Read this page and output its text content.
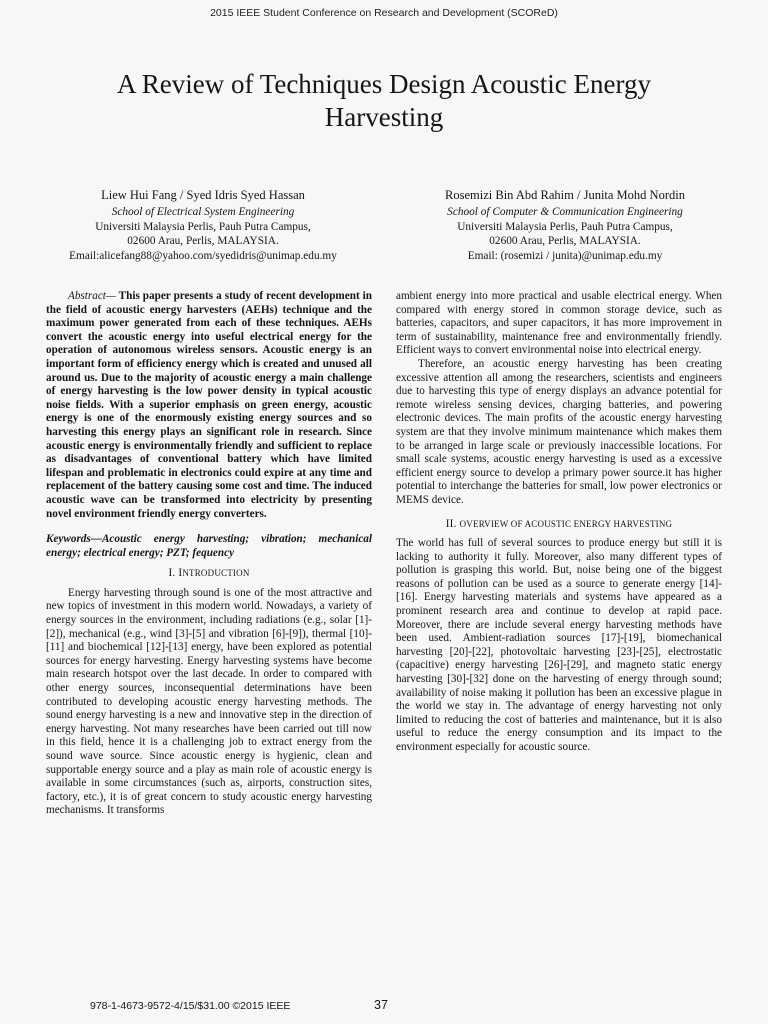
2015 IEEE Student Conference on Research and Development (SCOReD)
A Review of Techniques Design Acoustic Energy
Harvesting
Liew Hui Fang / Syed Idris Syed Hassan
School of Electrical System Engineering
Universiti Malaysia Perlis, Pauh Putra Campus,
02600 Arau, Perlis, MALAYSIA.
Email:alicefang88@yahoo.com/syedidris@unimap.edu.my
Rosemizi Bin Abd Rahim / Junita Mohd Nordin
School of Computer & Communication Engineering
Universiti Malaysia Perlis, Pauh Putra Campus,
02600 Arau, Perlis, MALAYSIA.
Email: (rosemizi / junita)@unimap.edu.my

Abstract— This paper presents a study of recent development in the field of acoustic energy harvesters (AEHs) technique and the maximum power generated from each of these techniques. AEHs convert the acoustic energy into useful electrical energy for the operation of autonomous wireless sensors. Acoustic energy is an important form of efficiency energy which is created and unused all around us. Due to the majority of acoustic energy a main challenge of energy harvesting is the low power density in typical acoustic noise fields. With a superior emphasis on green energy, acoustic energy is one of the enormously existing energy sources and so harvesting this energy plays an significant role in research. Since acoustic energy is environmentally friendly and sufficient to replace as disadvantages of conventional battery which have limited lifespan and problematic in electronics could expire at any time and replacement of the battery causing some cost and time. The induced acoustic wave can be transformed into electricity by presenting novel environment friendly energy converters.

Keywords—Acoustic energy harvesting; vibration; mechanical energy; electrical energy; PZT; fequency

I. INTRODUCTION

Energy harvesting through sound is one of the most attractive and new topics of investment in this modern world. Nowadays, a variety of energy sources in the environment, including radiations (e.g., solar [1]-[2]), mechanical (e.g., wind [3]-[5] and vibration [6]-[9]), thermal [10]-[11] and biochemical [12]-[13] energy, have been explored as potential sources for energy harvesting. Energy harvesting systems have become main research hotspot over the last decade. In order to compared with other energy sources, inconsequential determinations have been contributed to developing acoustic energy harvesting methods. The sound energy harvesting is a new and innovative step in the direction of energy harvesting. Not many researches have been carried out till now in this field, hence it is a challenging job to extract energy from the sound wave source. Since acoustic energy is hygienic, clean and supportable energy source and a play as main role of acoustic energy is available in some circumstances (such as, airports, construction sites, factory, etc.), it is of great concern to study acoustic energy harvesting mechanisms. It transforms

ambient energy into more practical and usable electrical energy. When compared with energy stored in common storage device, such as batteries, capacitors, and super capacitors, it has more improvement in term of sustainability, maintenance free and environmentally friendly. Efficient ways to convert environmental noise into electrical energy.

Therefore, an acoustic energy harvesting has been creating excessive attention all among the researchers, scientists and engineers due to harvesting this type of energy displays an advance potential for remote wireless sensing devices, charging batteries, and powering electronic devices. The main profits of the acoustic energy harvesting system are that they involve minimum maintenance which makes them to be arranged in large scale or previously inaccessible locations. For small scale systems, acoustic energy harvesting is used as a excessive efficient energy source to develop a primary power source.it has higher potential to interchange the batteries for small, low power electronics or MEMS device.

II. OVERVIEW OF ACOUSTIC ENERGY HARVESTING

The world has full of several sources to produce energy but still it is lacking to authority it fully. Moreover, also many different types of pollution is grasping this world. But, noise being one of the biggest reasons of pollution can be used as a source to generate energy [14]-[16]. Energy harvesting materials and systems have appeared as a prominent research area and continue to develop at rapid pace. Moreover, there are include several energy harvesting methods have been used. Ambient-radiation sources [17]-[19], biomechanical harvesting [20]-[22], photovoltaic harvesting [23]-[25], electrostatic (capacitive) energy harvesting [26]-[29], and magneto static energy harvesting [30]-[32] done on the harvesting of energy through sound; availability of noise making it pollution has been an excessive plague in the world we stay in. The advantage of energy harvesting not only limited to reducing the cost of batteries and maintenance, but it is also useful to reduce the energy consumption and its impact to the environment especially for acoustic source.

978-1-4673-9572-4/15/$31.00 ©2015 IEEE	37
